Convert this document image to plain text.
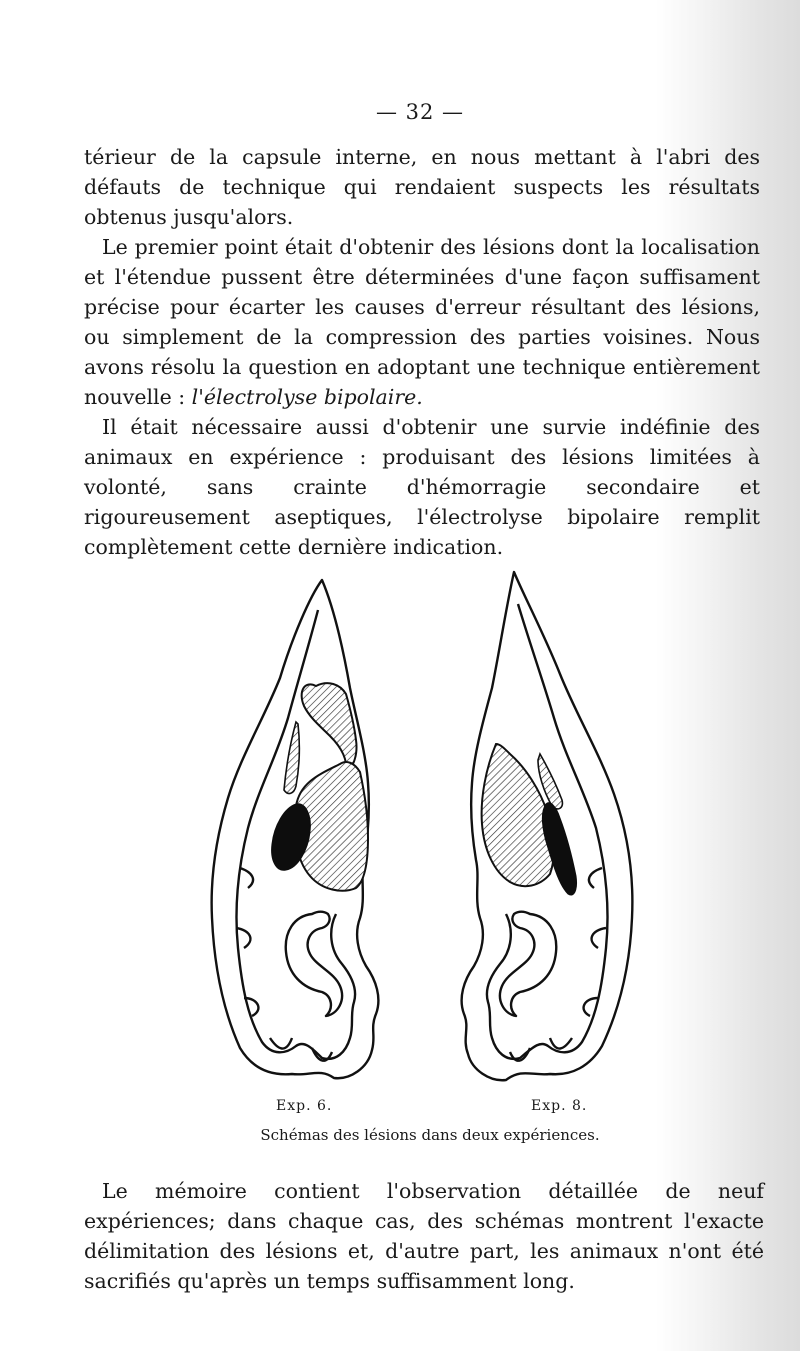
— 32 —
térieur de la capsule interne, en nous mettant à l'abri des défauts de technique qui rendaient suspects les résultats obtenus jusqu'alors.
Le premier point était d'obtenir des lésions dont la localisation et l'étendue pussent être déterminées d'une façon suffisament précise pour écarter les causes d'erreur résultant des lésions, ou simplement de la compression des parties voisines. Nous avons résolu la question en adoptant une technique entièrement nouvelle : l'électrolyse bipolaire.
Il était nécessaire aussi d'obtenir une survie indéfinie des animaux en expérience : produisant des lésions limitées à volonté, sans crainte d'hémorragie secondaire et rigoureusement aseptiques, l'électrolyse bipolaire remplit complètement cette dernière indication.
Exp. 6.	Exp. 8.
Schémas des lésions dans deux expériences.
Le mémoire contient l'observation détaillée de neuf expériences; dans chaque cas, des schémas montrent l'exacte délimitation des lésions et, d'autre part, les animaux n'ont été sacrifiés qu'après un temps suffisamment long.
